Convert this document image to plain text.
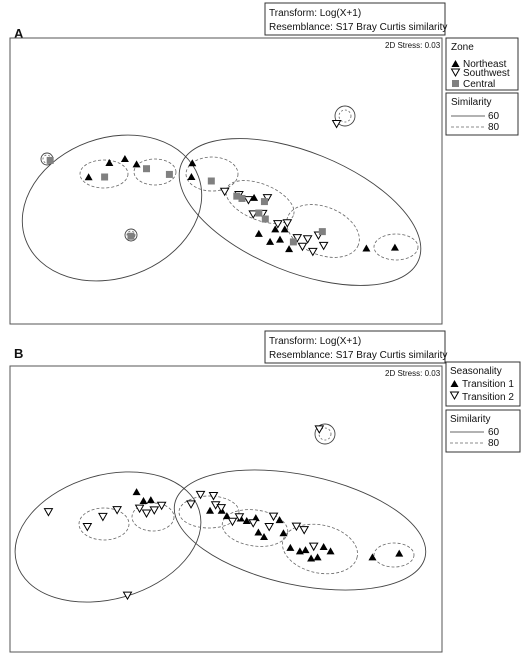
A
Transform: Log(X+1)
Resemblance: S17 Bray Curtis similarity
2D Stress: 0.03 Zone
Northeast
Southwest
Central
Similarity
60
80
B
Transform: Log(X+1)
Resemblance: S17 Bray Curtis similarity
2D Stress: 0.03 Seasonality
Transition 1
Transition 2
Similarity
60
80
